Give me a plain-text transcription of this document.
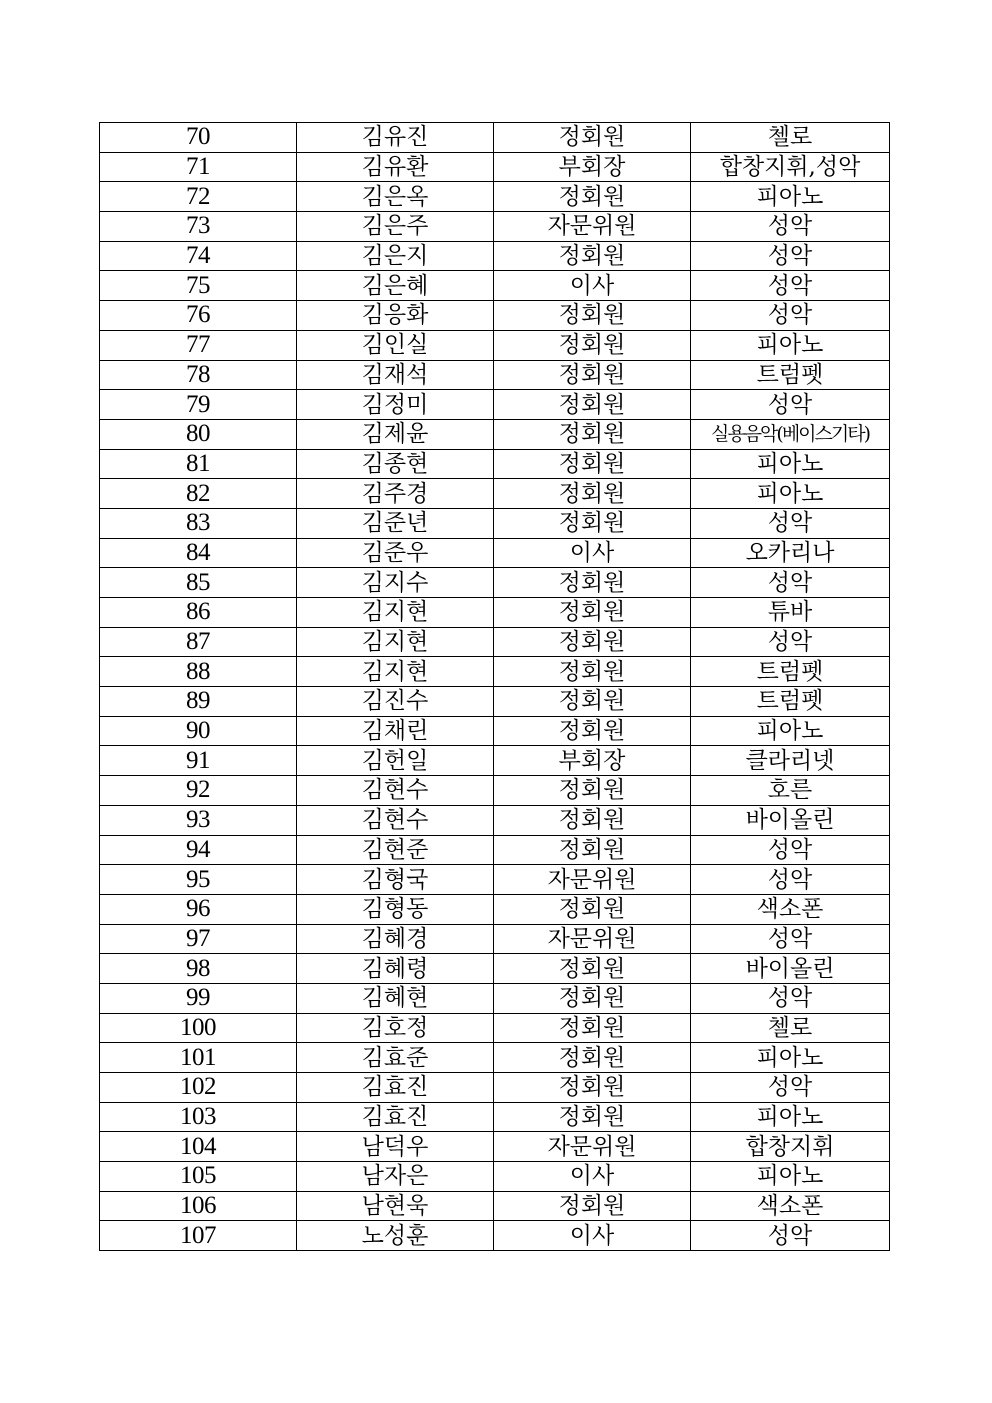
70	김유진	정회원	첼로
71	김유환	부회장	합창지휘,성악
72	김은옥	정회원	피아노
73	김은주	자문위원	성악
74	김은지	정회원	성악
75	김은혜	이사	성악
76	김응화	정회원	성악
77	김인실	정회원	피아노
78	김재석	정회원	트럼펫
79	김정미	정회원	성악
80	김제윤	정회원	실용음악(베이스기타)
81	김종현	정회원	피아노
82	김주경	정회원	피아노
83	김준년	정회원	성악
84	김준우	이사	오카리나
85	김지수	정회원	성악
86	김지현	정회원	튜바
87	김지현	정회원	성악
88	김지현	정회원	트럼펫
89	김진수	정회원	트럼펫
90	김채린	정회원	피아노
91	김헌일	부회장	클라리넷
92	김현수	정회원	호른
93	김현수	정회원	바이올린
94	김현준	정회원	성악
95	김형국	자문위원	성악
96	김형동	정회원	색소폰
97	김혜경	자문위원	성악
98	김혜령	정회원	바이올린
99	김혜현	정회원	성악
100	김호정	정회원	첼로
101	김효준	정회원	피아노
102	김효진	정회원	성악
103	김효진	정회원	피아노
104	남덕우	자문위원	합창지휘
105	남자은	이사	피아노
106	남현욱	정회원	색소폰
107	노성훈	이사	성악
